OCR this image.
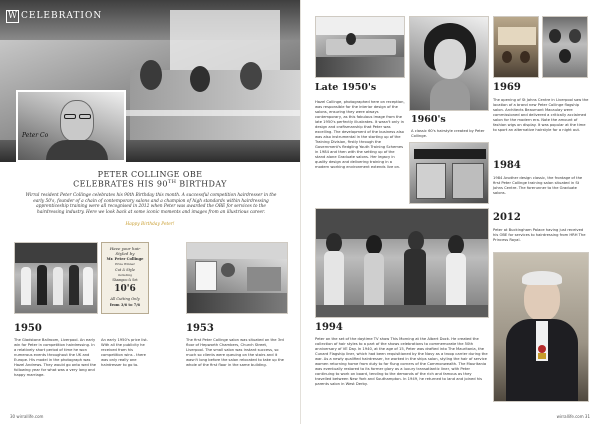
W CELEBRATION
Peter Co
PETER COLLINGE OBE
CELEBRATES HIS 90TH BIRTHDAY
Wirral resident Peter Collinge celebrates his 90th Birthday this month. A successful competition hairdresser in the early 50's, founder of a chain of contemporary salons and a champion of high standards within hairdressing apprenticeship training were all recognised in 2012 when Peter was awarded the OBE for services to the hairdressing industry. Here we look back at some iconic moments and images from an illustrious career.
Happy Birthday Peter!
Have your hair
Styled by
Mr. Peter Collinge
Prize Winner
Cut & Style
including
Shampoo & Set
10'6
All Cutting Only
from 3/6 to 7/6
1950
The Gladstone Ballroom, Liverpool. An early win for Peter in competition hairdressing. In a relatively short period of time he won numerous events throughout the UK and Europe. His model in the photograph was Hazel Andrews. They would go onto wed the following year for what was a very long and happy marriage.
An early 1950's price list. With all the publicity he received from his competition wins - there was only really one hairdresser to go to.
1953
The first Peter Collinge salon was situated on the 3rd floor of Hepworth Chambers, Church Street, Liverpool. The small salon was instant success, so much so clients were queuing on the stairs and it wasn't long before the salon relocated to take up the whole of the first floor in the same building.
30 wirrallife.com
Late 1950's
Hazel Collinge, photographed here on reception, was responsible for the interior design of the salons, ensuring they were always contemporary, as this fabulous image from the late 1950's perfectly illustrates. It wasn't only in design and craftsmanship that Peter was excelling. The development of the business also was also instrumental in the starting up of the Training Division, firstly through the Government's fledgling Youth Training Schemes in 1984 and then with the setting up of the stand alone Graduate salons. Her legacy in quality design and delivering training in a modern working environment extends live on.
1960's
A classic 60's hairstyle created by Peter Collinge.
1969
The opening of St Johns Centre in Liverpool saw the location of a brand new Peter Collinge flagship salon. Architects Beaumont Macaulay were commissioned and delivered a critically acclaimed salon for the modern era. Note the amount of fashion wigs on display. It was popular at the time to sport an alternative hairstyle for a night out.
1984
1984 Another design classic, the frontage of the first Peter Collinge training salon situated in St Johns Centre. The forerunner to the Graduate salons.
2012
Peter at Buckingham Palace having just received his OBE for services to hairdressing from HRH The Princess Royal.
1994
Peter on the set of the daytime TV show This Morning at the Albert Dock. He created the collection of hair styles to a part of the shows celebrations to commemorate the 50th anniversary of VE Day. In 1940, at the age of 15, Peter was drafted into The Mauritania, the Cunard Flagship liner, which had been requisitioned by the Navy as a troop carrier during the war. As a newly qualified hairdresser, he worked in the ships salon, styling the hair of service women returning home from duty to far flung corners of the Commonwealth. The Mauritania was eventually restored to its former glory as a luxury transatlantic liner, with Peter continuing to work on board, tending to the demands of the rich and famous as they travelled between New York and Southampton. In 1949, he returned to land and joined his parents salon in West Derby.
wirrallife.com 31
